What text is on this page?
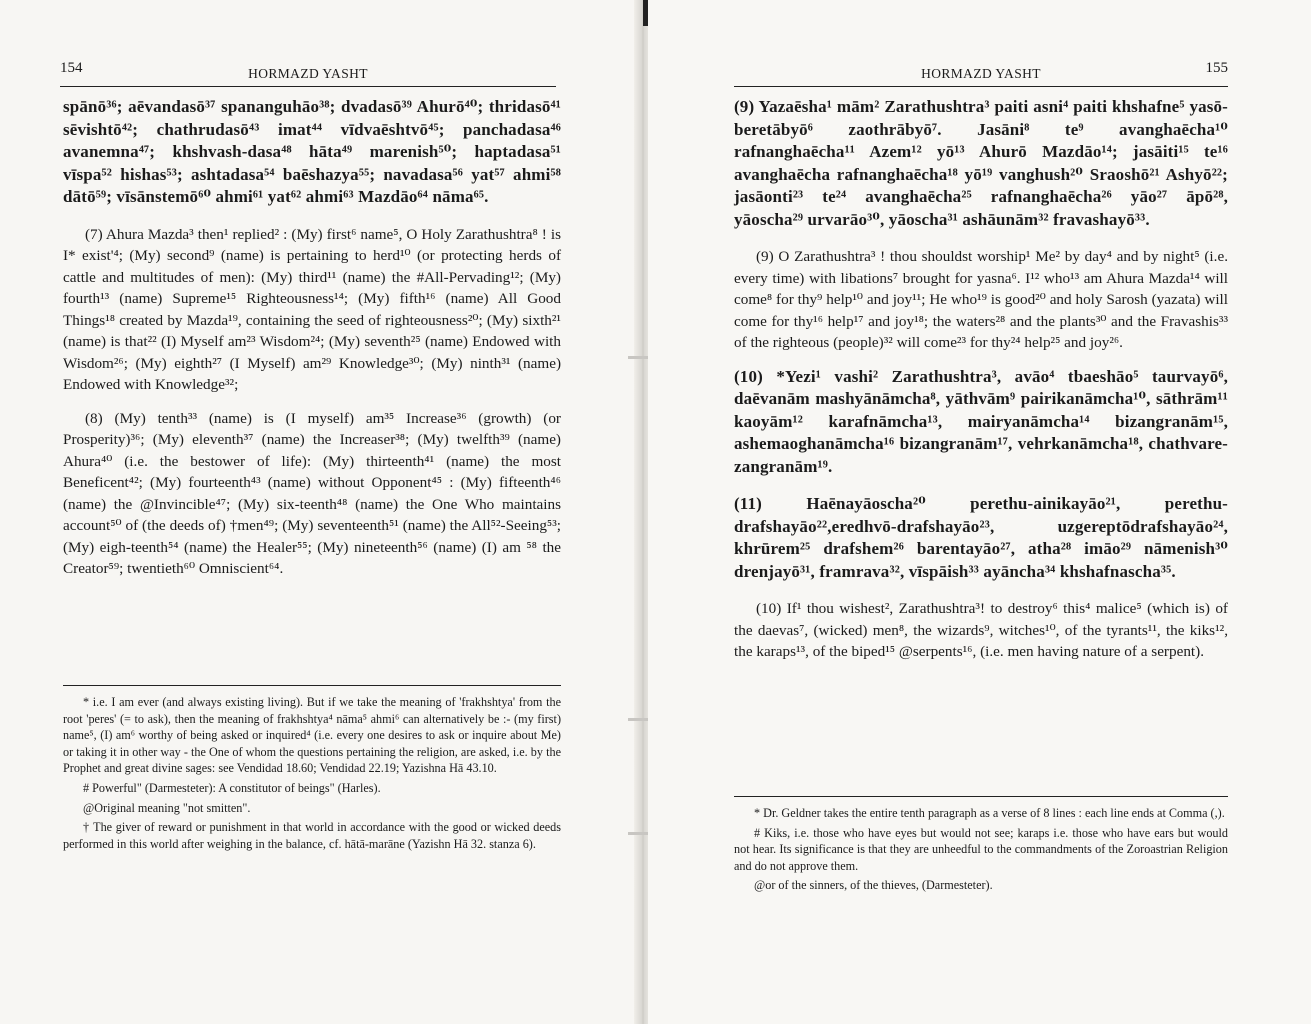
154	HORMAZD YASHT

spānō³⁶; aēvandasō³⁷ spananguhāo³⁸; dvadasō³⁹ Ahurō⁴⁰; thridasō⁴¹ sēvishtō⁴²; chathrudasō⁴³ imat⁴⁴ vīdvaēshtvō⁴⁵; panchadasa⁴⁶ avanemna⁴⁷; khshvash-dasa⁴⁸ hāta⁴⁹ marenish⁵⁰; haptadasa⁵¹ vīspa⁵² hishas⁵³; ashtadasa⁵⁴ baēshazya⁵⁵; navadasa⁵⁶ yat⁵⁷ ahmi⁵⁸ dātō⁵⁹; vīsānstemō⁶⁰ ahmi⁶¹ yat⁶² ahmi⁶³ Mazdāo⁶⁴ nāma⁶⁵.

(7) Ahura Mazda³ then¹ replied² : (My) first⁶ name⁵, O Holy Zarathushtra⁸ ! is I* exist'⁴; (My) second⁹ (name) is pertaining to herd¹⁰ (or protecting herds of cattle and multitudes of men): (My) third¹¹ (name) the #All-Pervading¹²; (My) fourth¹³ (name) Supreme¹⁵ Righteousness¹⁴; (My) fifth¹⁶ (name) All Good Things¹⁸ created by Mazda¹⁹, containing the seed of righteousness²⁰; (My) sixth²¹ (name) is that²² (I) Myself am²³ Wisdom²⁴; (My) seventh²⁵ (name) Endowed with Wisdom²⁶; (My) eighth²⁷ (I Myself) am²⁹ Knowledge³⁰; (My) ninth³¹ (name) Endowed with Knowledge³²;

(8) (My) tenth³³ (name) is (I myself) am³⁵ Increase³⁶ (growth) (or Prosperity)³⁶; (My) eleventh³⁷ (name) the Increaser³⁸; (My) twelfth³⁹ (name) Ahura⁴⁰ (i.e. the bestower of life): (My) thirteenth⁴¹ (name) the most Beneficent⁴²; (My) fourteenth⁴³ (name) without Opponent⁴⁵ : (My) fifteenth⁴⁶ (name) the @Invincible⁴⁷; (My) six-teenth⁴⁸ (name) the One Who maintains account⁵⁰ of (the deeds of) †men⁴⁹; (My) seventeenth⁵¹ (name) the All⁵²-Seeing⁵³; (My) eigh-teenth⁵⁴ (name) the Healer⁵⁵; (My) nineteenth⁵⁶ (name) (I) am ⁵⁸ the Creator⁵⁹; twentieth⁶⁰ Omniscient⁶⁴.

* i.e. I am ever (and always existing living). But if we take the meaning of 'frakhshtya' from the root 'peres' (= to ask), then the meaning of frakhshtya⁴ nāma⁵ ahmi⁶ can alternatively be :- (my first) name⁵, (I) am⁶ worthy of being asked or inquired⁴ (i.e. every one desires to ask or inquire about Me) or taking it in other way - the One of whom the questions pertaining the religion, are asked, i.e. by the Prophet and great divine sages: see Vendidad 18.60; Vendidad 22.19; Yazishna Hā 43.10.

# Powerful" (Darmesteter): A constitutor of beings" (Harles).

@Original meaning "not smitten".

† The giver of reward or punishment in that world in accordance with the good or wicked deeds performed in this world after weighing in the balance, cf. hātā-marāne (Yazishn Hā 32. stanza 6).

HORMAZD YASHT	155

(9) Yazaēsha¹ mām² Zarathushtra³ paiti asni⁴ paiti khshafne⁵ yasō-beretābyō⁶ zaothrābyō⁷. Jasāni⁸ te⁹ avanghaēcha¹⁰ rafnanghaēcha¹¹ Azem¹² yō¹³ Ahurō Mazdāo¹⁴; jasāiti¹⁵ te¹⁶ avanghaēcha rafnanghaēcha¹⁸ yō¹⁹ vanghush²⁰ Sraoshō²¹ Ashyō²²; jasāonti²³ te²⁴ avanghaēcha²⁵ rafnanghaēcha²⁶ yāo²⁷ āpō²⁸, yāoscha²⁹ urvarāo³⁰, yāoscha³¹ ashāunām³² fravashayō³³.

(9) O Zarathushtra³ ! thou shouldst worship¹ Me² by day⁴ and by night⁵ (i.e. every time) with libations⁷ brought for yasna⁶. I¹² who¹³ am Ahura Mazda¹⁴ will come⁸ for thy⁹ help¹⁰ and joy¹¹; He who¹⁹ is good²⁰ and holy Sarosh (yazata) will come for thy¹⁶ help¹⁷ and joy¹⁸; the waters²⁸ and the plants³⁰ and the Fravashis³³ of the righteous (people)³² will come²³ for thy²⁴ help²⁵ and joy²⁶.

(10) *Yezi¹ vashi² Zarathushtra³, avāo⁴ tbaeshāo⁵ taurvayō⁶, daēvanām mashyānāmcha⁸, yāthvām⁹ pairikanāmcha¹⁰, sāthrām¹¹ kaoyām¹² karafnāmcha¹³, mairyanāmcha¹⁴ bizangranām¹⁵, ashemaoghanāmcha¹⁶ bizangranām¹⁷, vehrkanāmcha¹⁸, chathvare-zangranām¹⁹.

(11) Haēnayāoscha²⁰ perethu-ainikayāo²¹, perethu-drafshayāo²²,eredhvō-drafshayāo²³, uzgereptōdrafshayāo²⁴, khrūrem²⁵ drafshem²⁶ barentayāo²⁷, atha²⁸ imāo²⁹ nāmenish³⁰ drenjayō³¹, framrava³², vīspāish³³ ayāncha³⁴ khshafnascha³⁵.

(10) If¹ thou wishest², Zarathushtra³! to destroy⁶ this⁴ malice⁵ (which is) of the daevas⁷, (wicked) men⁸, the wizards⁹, witches¹⁰, of the tyrants¹¹, the kiks¹², the karaps¹³, of the biped¹⁵ @serpents¹⁶, (i.e. men having nature of a serpent).

* Dr. Geldner takes the entire tenth paragraph as a verse of 8 lines : each line ends at Comma (,).

# Kiks, i.e. those who have eyes but would not see; karaps i.e. those who have ears but would not hear. Its significance is that they are unheedful to the commandments of the Zoroastrian Religion and do not approve them.

@or of the sinners, of the thieves, (Darmesteter).
